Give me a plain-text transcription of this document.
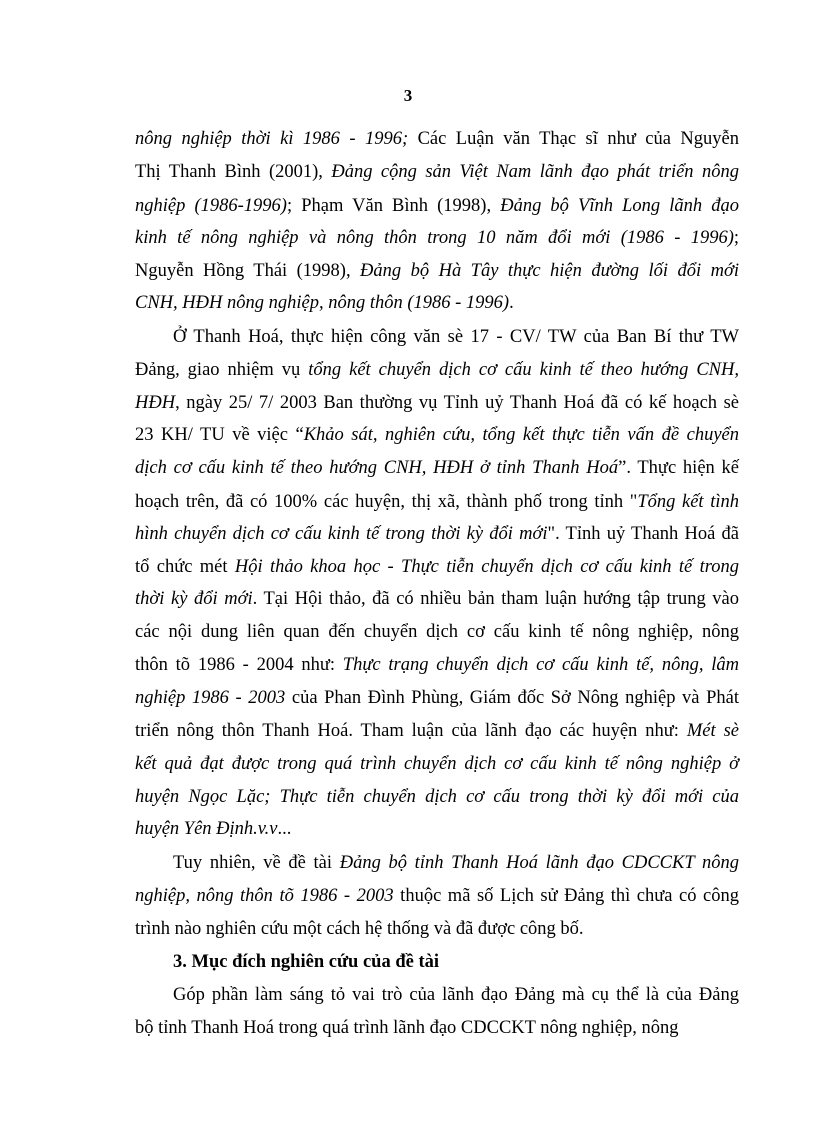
3
nông nghiệp thời kì 1986 - 1996; Các Luận văn Thạc sĩ như của Nguyễn
Thị Thanh Bình (2001), Đảng cộng sản Việt Nam lãnh đạo phát triển nông
nghiệp (1986-1996); Phạm Văn Bình (1998), Đảng bộ Vĩnh Long lãnh đạo
kinh tế nông nghiệp và nông thôn trong 10 năm đổi mới (1986 - 1996);
Nguyễn Hồng Thái (1998), Đảng bộ Hà Tây thực hiện đường lối đổi mới
CNH, HĐH nông nghiệp, nông thôn (1986 - 1996).
Ở Thanh Hoá, thực hiện công văn sè 17 - CV/ TW của Ban Bí thư TW
Đảng, giao nhiệm vụ tổng kết chuyển dịch cơ cấu kinh tế theo hướng CNH,
HĐH, ngày 25/ 7/ 2003 Ban thường vụ Tỉnh uỷ Thanh Hoá đã có kế hoạch sè
23 KH/ TU về việc “Khảo sát, nghiên cứu, tổng kết thực tiễn vấn đề chuyển
dịch cơ cấu kinh tế theo hướng CNH, HĐH ở tỉnh Thanh Hoá”. Thực hiện kế
hoạch trên, đã có 100% các huyện, thị xã, thành phố trong tỉnh "Tổng kết tình
hình chuyển dịch cơ cấu kinh tế trong thời kỳ đổi mới". Tỉnh uỷ Thanh Hoá đã
tổ chức mét Hội thảo khoa học - Thực tiễn chuyển dịch cơ cấu kinh tế trong
thời kỳ đổi mới. Tại Hội thảo, đã có nhiều bản tham luận hướng tập trung vào
các nội dung liên quan đến chuyển dịch cơ cấu kinh tế nông nghiệp, nông
thôn tõ 1986 - 2004 như: Thực trạng chuyển dịch cơ cấu kinh tế, nông, lâm
nghiệp 1986 - 2003 của Phan Đình Phùng, Giám đốc Sở Nông nghiệp và Phát
triển nông thôn Thanh Hoá. Tham luận của lãnh đạo các huyện như: Mét sè
kết quả đạt được trong quá trình chuyển dịch cơ cấu kinh tế nông nghiệp ở
huyện Ngọc Lặc; Thực tiễn chuyển dịch cơ cấu trong thời kỳ đổi mới của
huyện Yên Định.v.v...
Tuy nhiên, về đề tài Đảng bộ tỉnh Thanh Hoá lãnh đạo CDCCKT nông
nghiệp, nông thôn tõ 1986 - 2003 thuộc mã số Lịch sử Đảng thì chưa có công
trình nào nghiên cứu một cách hệ thống và đã được công bố.
3. Mục đích nghiên cứu của đề tài
Góp phần làm sáng tỏ vai trò của lãnh đạo Đảng mà cụ thể là của Đảng
bộ tỉnh Thanh Hoá trong quá trình lãnh đạo CDCCKT nông nghiệp, nông
